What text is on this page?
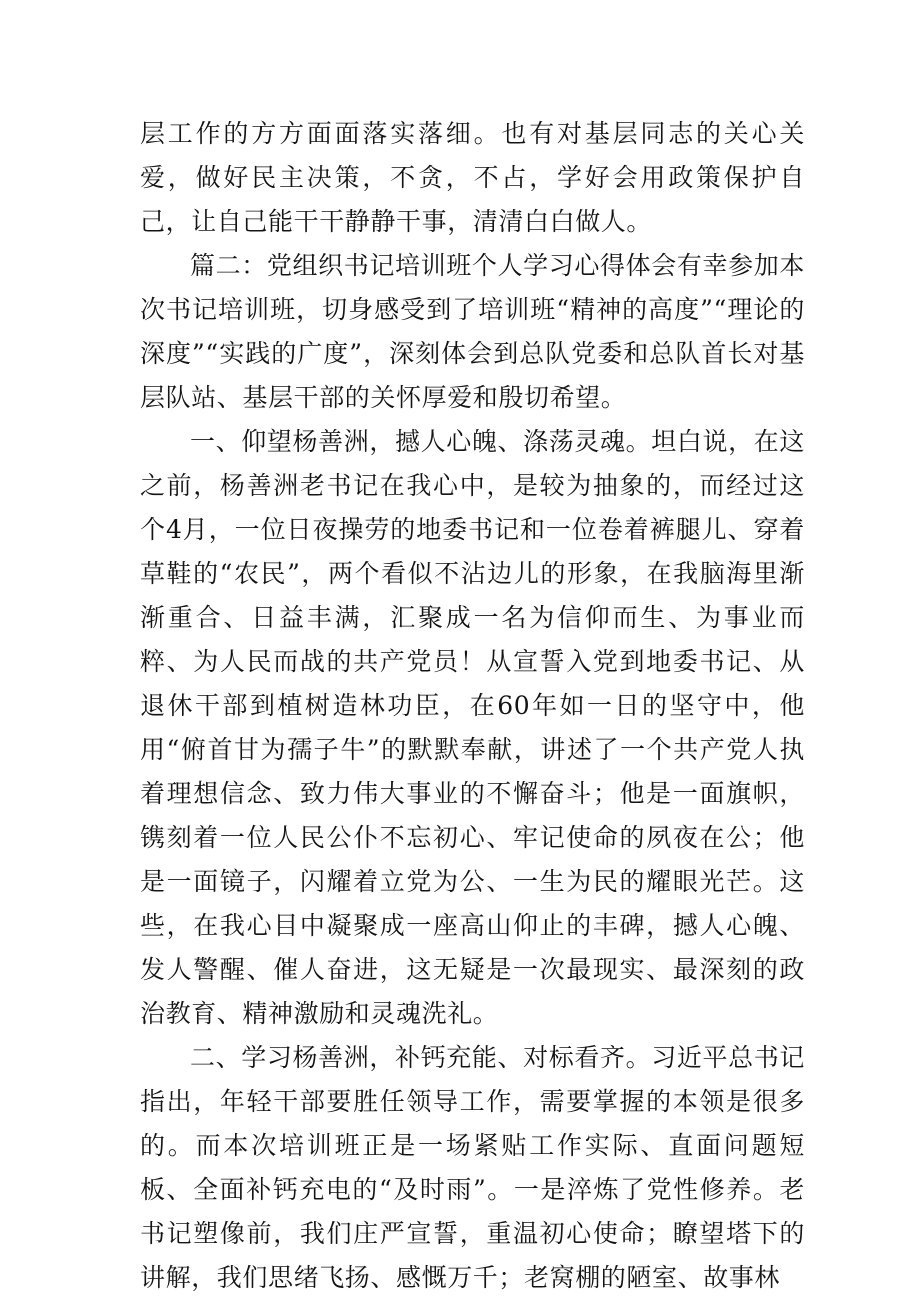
层工作的方方面面落实落细。也有对基层同志的关心关爱，做好民主决策，不贪，不占，学好会用政策保护自己，让自己能干干静静干事，清清白白做人。

篇二：党组织书记培训班个人学习心得体会有幸参加本次书记培训班，切身感受到了培训班“精神的高度”“理论的深度”“实践的广度”，深刻体会到总队党委和总队首长对基层队站、基层干部的关怀厚爱和殷切希望。

一、仰望杨善洲，撼人心魄、涤荡灵魂。坦白说，在这之前，杨善洲老书记在我心中，是较为抽象的，而经过这个4月，一位日夜操劳的地委书记和一位卷着裤腿儿、穿着草鞋的“农民”，两个看似不沾边儿的形象，在我脑海里渐渐重合、日益丰满，汇聚成一名为信仰而生、为事业而粹、为人民而战的共产党员！从宣誓入党到地委书记、从退休干部到植树造林功臣，在60年如一日的坚守中，他用“俯首甘为孺子牛”的默默奉献，讲述了一个共产党人执着理想信念、致力伟大事业的不懈奋斗；他是一面旗帜，镌刻着一位人民公仆不忘初心、牢记使命的夙夜在公；他是一面镜子，闪耀着立党为公、一生为民的耀眼光芒。这些，在我心目中凝聚成一座高山仰止的丰碑，撼人心魄、发人警醒、催人奋进，这无疑是一次最现实、最深刻的政治教育、精神激励和灵魂洗礼。

二、学习杨善洲，补钙充能、对标看齐。习近平总书记指出，年轻干部要胜任领导工作，需要掌握的本领是很多的。而本次培训班正是一场紧贴工作实际、直面问题短板、全面补钙充电的“及时雨”。一是淬炼了党性修养。老书记塑像前，我们庄严宣誓，重温初心使命；瞭望塔下的讲解，我们思绪飞扬、感慨万千；老窝棚的陋室、故事林
